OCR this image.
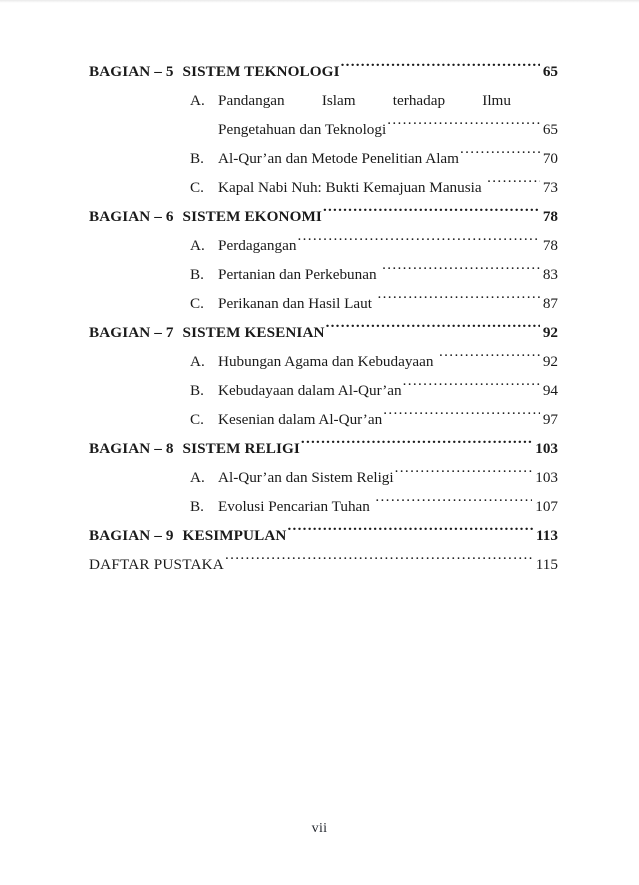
BAGIAN – 5 SISTEM TEKNOLOGI .....	65
A. Pandangan Islam terhadap Ilmu
Pengetahuan dan Teknologi .....	65
B. Al-Qur’an dan Metode Penelitian Alam .....	70
C. Kapal Nabi Nuh: Bukti Kemajuan Manusia .....	73
BAGIAN – 6 SISTEM EKONOMI .....	78
A. Perdagangan .....	78
B. Pertanian dan Perkebunan .....	83
C. Perikanan dan Hasil Laut .....	87
BAGIAN – 7 SISTEM KESENIAN .....	92
A. Hubungan Agama dan Kebudayaan .....	92
B. Kebudayaan dalam Al-Qur’an .....	94
C. Kesenian dalam Al-Qur’an .....	97
BAGIAN – 8 SISTEM RELIGI .....	103
A. Al-Qur’an dan Sistem Religi .....	103
B. Evolusi Pencarian Tuhan .....	107
BAGIAN – 9 KESIMPULAN .....	113
DAFTAR PUSTAKA .....	115
vii
